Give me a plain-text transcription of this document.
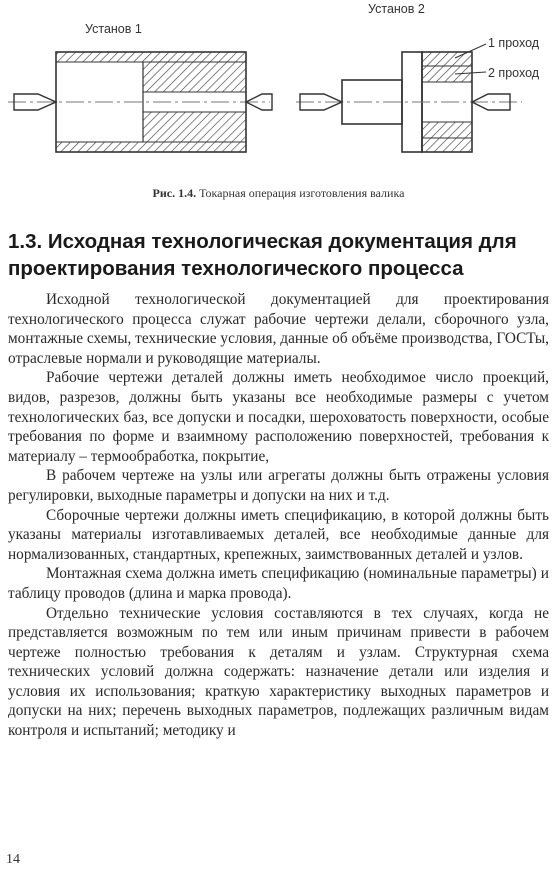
Установ 1
Установ 2
1 проход
2 проход
Рис. 1.4. Токарная операция изготовления валика
1.3. Исходная технологическая документация для проектирования технологического процесса

Исходной технологической документацией для проектирования технологического процесса служат рабочие чертежи делали, сборочного узла, монтажные схемы, технические условия, данные об объёме производства, ГОСТы, отраслевые нормали и руководящие материалы.

Рабочие чертежи деталей должны иметь необходимое число проекций, видов, разрезов, должны быть указаны все необходимые размеры с учетом технологических баз, все допуски и посадки, шероховатость поверхности, особые требования по форме и взаимному расположению поверхностей, требования к материалу – термообработка, покрытие,

В рабочем чертеже на узлы или агрегаты должны быть отражены условия регулировки, выходные параметры и допуски на них и т.д.

Сборочные чертежи должны иметь спецификацию, в которой должны быть указаны материалы изготавливаемых деталей, все необходимые данные для нормализованных, стандартных, крепежных, заимствованных деталей и узлов.

Монтажная схема должна иметь спецификацию (номинальные параметры) и таблицу проводов (длина и марка провода).

Отдельно технические условия составляются в тех случаях, когда не представляется возможным по тем или иным причинам привести в рабочем чертеже полностью требования к деталям и узлам. Структурная схема технических условий должна содержать: назначение детали или изделия и условия их использования; краткую характеристику выходных параметров и допуски на них; перечень выходных параметров, подлежащих различным видам контроля и испытаний; методику и

14
